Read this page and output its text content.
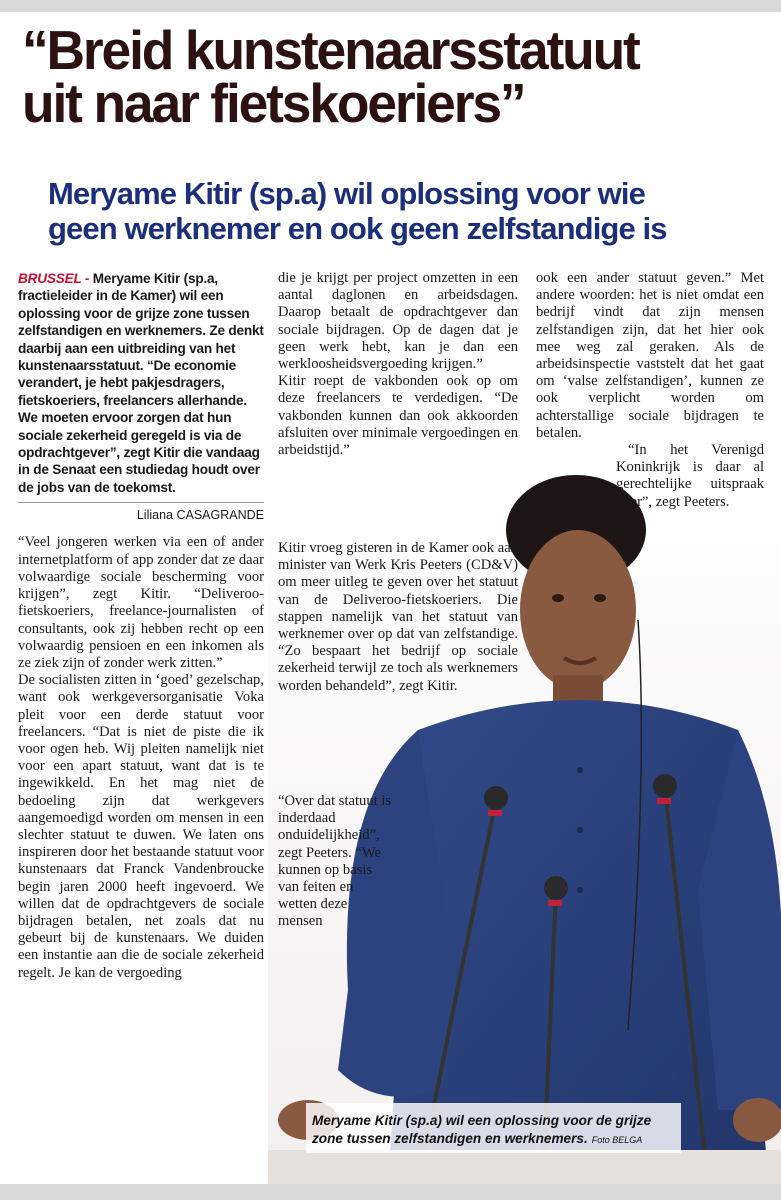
“Breid kunstenaarsstatuut
uit naar fietskoeriers”
Meryame Kitir (sp.a) wil oplossing voor wie
geen werknemer en ook geen zelfstandige is

BRUSSEL - Meryame Kitir (sp.a, fractieleider in de Kamer) wil een oplossing voor de grijze zone tussen zelfstandigen en werknemers. Ze denkt daarbij aan een uitbreiding van het kunstenaarsstatuut. “De economie verandert, je hebt pakjesdragers, fietskoeriers, freelancers allerhande. We moeten ervoor zorgen dat hun sociale zekerheid geregeld is via de opdrachtgever”, zegt Kitir die vandaag in de Senaat een studiedag houdt over de jobs van de toekomst.

Liliana CASAGRANDE

“Veel jongeren werken via een of ander internetplatform of app zonder dat ze daar volwaardige sociale bescherming voor krijgen”, zegt Kitir. “Deliveroo-fietskoeriers, freelance-journalisten of consultants, ook zij hebben recht op een volwaardig pensioen en een inkomen als ze ziek zijn of zonder werk zitten.”

De socialisten zitten in ‘goed’ gezelschap, want ook werkgeversorganisatie Voka pleit voor een derde statuut voor freelancers. “Dat is niet de piste die ik voor ogen heb. Wij pleiten namelijk niet voor een apart statuut, want dat is te ingewikkeld. En het mag niet de bedoeling zijn dat werkgevers aangemoedigd worden om mensen in een slechter statuut te duwen. We laten ons inspireren door het bestaande statuut voor kunstenaars dat Franck Vandenbroucke begin jaren 2000 heeft ingevoerd. We willen dat de opdrachtgevers de sociale bijdragen betalen, net zoals dat nu gebeurt bij de kunstenaars. We duiden een instantie aan die de sociale zekerheid regelt. Je kan de vergoeding

die je krijgt per project omzetten in een aantal daglonen en arbeidsdagen. Daarop betaalt de opdrachtgever dan sociale bijdragen. Op de dagen dat je geen werk hebt, kan je dan een werkloosheidsvergoeding krijgen.”

Kitir roept de vakbonden ook op om deze freelancers te verdedigen. “De vakbonden kunnen dan ook akkoorden afsluiten over minimale vergoedingen en arbeidstijd.”

Kitir vroeg gisteren in de Kamer ook aan minister van Werk Kris Peeters (CD&V) om meer uitleg te geven over het statuut van de Deliveroo-fietskoeriers. Die stappen namelijk van het statuut van werknemer over op dat van zelfstandige. “Zo bespaart het bedrijf op sociale zekerheid terwijl ze toch als werknemers worden behandeld”, zegt Kitir.

“Over dat statuut is inderdaad onduidelijkheid”, zegt Peeters. “We kunnen op basis van feiten en wetten deze mensen

ook een ander statuut geven.” Met andere woorden: het is niet omdat een bedrijf vindt dat zijn mensen zelfstandigen zijn, dat het hier ook mee weg zal geraken. Als de arbeidsinspectie vaststelt dat het gaat om ‘valse zelfstandigen’, kunnen ze ook verplicht worden om achterstallige sociale bijdragen te betalen.

“In het Verenigd Koninkrijk is daar al gerechtelijke uitspraak over”, zegt Peeters.

Meryame Kitir (sp.a) wil een oplossing voor de grijze zone tussen zelfstandigen en werknemers. Foto BELGA
